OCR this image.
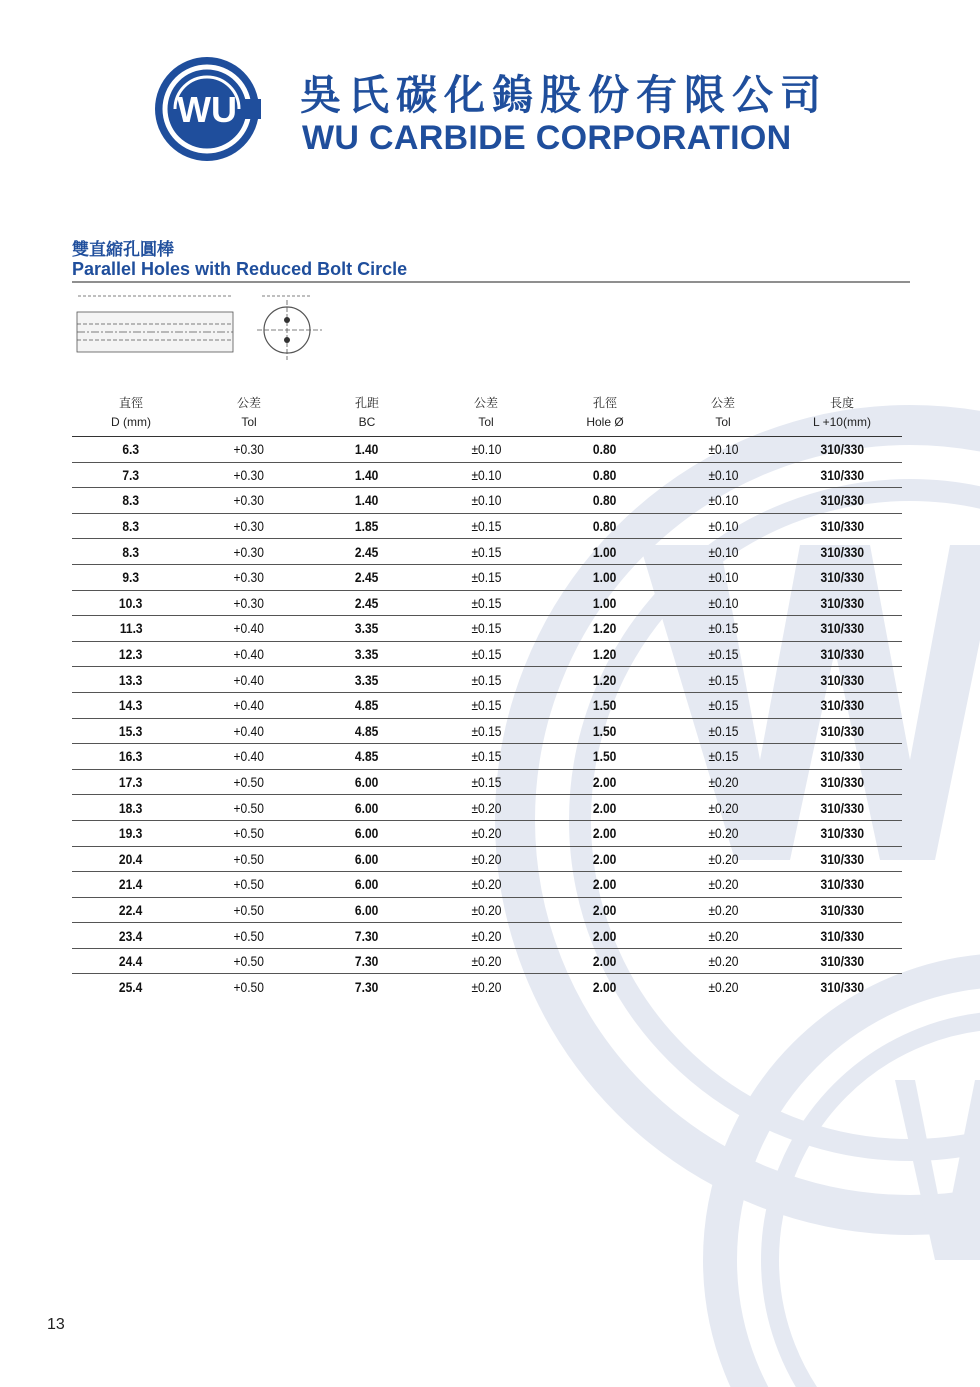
WU 吳氏碳化鎢股份有限公司
WU CARBIDE CORPORATION
雙直縮孔圓棒
Parallel Holes with Reduced Bolt Circle
直徑	公差	孔距	公差	孔徑	公差	長度
D (mm)	Tol	BC	Tol	Hole Ø	Tol	L +10(mm)
6.3	+0.30	1.40	±0.10	0.80	±0.10	310/330
7.3	+0.30	1.40	±0.10	0.80	±0.10	310/330
8.3	+0.30	1.40	±0.10	0.80	±0.10	310/330
8.3	+0.30	1.85	±0.15	0.80	±0.10	310/330
8.3	+0.30	2.45	±0.15	1.00	±0.10	310/330
9.3	+0.30	2.45	±0.15	1.00	±0.10	310/330
10.3	+0.30	2.45	±0.15	1.00	±0.10	310/330
11.3	+0.40	3.35	±0.15	1.20	±0.15	310/330
12.3	+0.40	3.35	±0.15	1.20	±0.15	310/330
13.3	+0.40	3.35	±0.15	1.20	±0.15	310/330
14.3	+0.40	4.85	±0.15	1.50	±0.15	310/330
15.3	+0.40	4.85	±0.15	1.50	±0.15	310/330
16.3	+0.40	4.85	±0.15	1.50	±0.15	310/330
17.3	+0.50	6.00	±0.15	2.00	±0.20	310/330
18.3	+0.50	6.00	±0.20	2.00	±0.20	310/330
19.3	+0.50	6.00	±0.20	2.00	±0.20	310/330
20.4	+0.50	6.00	±0.20	2.00	±0.20	310/330
21.4	+0.50	6.00	±0.20	2.00	±0.20	310/330
22.4	+0.50	6.00	±0.20	2.00	±0.20	310/330
23.4	+0.50	7.30	±0.20	2.00	±0.20	310/330
24.4	+0.50	7.30	±0.20	2.00	±0.20	310/330
25.4	+0.50	7.30	±0.20	2.00	±0.20	310/330
13
